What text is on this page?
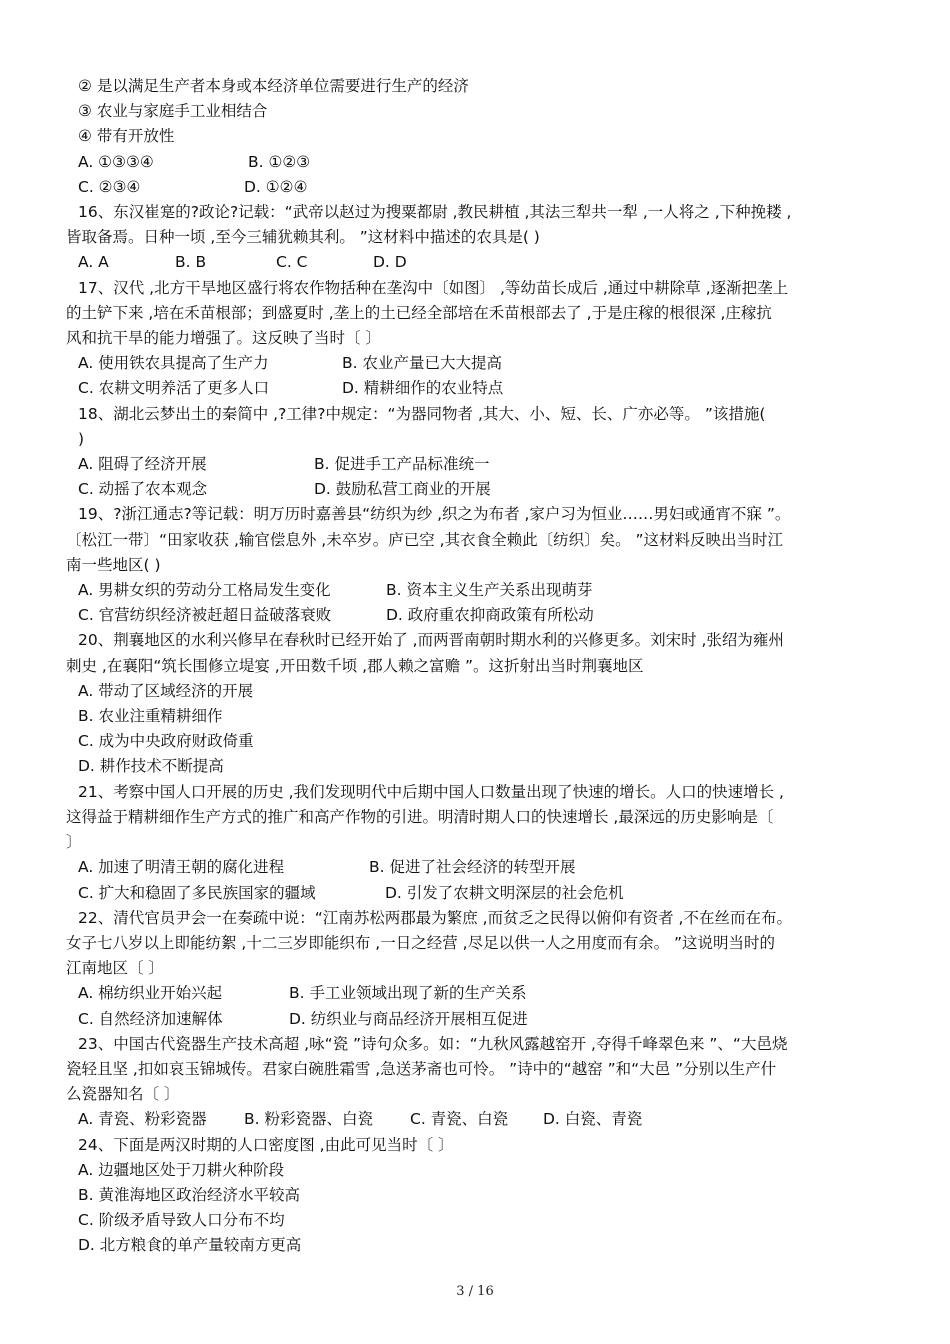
② 是以满足生产者本身或本经济单位需要进行生产的经济
③ 农业与家庭手工业相结合
④ 带有开放性
A. ①③③④	B. ①②③
C. ②③④	D. ①②④
16、东汉崔寔的?政论?记载：“武帝以赵过为搜粟都尉 ,教民耕植 ,其法三犁共一犁 ,一人将之 ,下种挽耧 ,
皆取备焉。日种一顷 ,至今三辅犹赖其利。 ”这材料中描述的农具是( )
A. A	B. B	C. C	D. D
17、汉代 ,北方干旱地区盛行将农作物括种在垄沟中〔如图〕 ,等幼苗长成后 ,通过中耕除草 ,逐渐把垄上
的土铲下来 ,培在禾苗根部；到盛夏时 ,垄上的土已经全部培在禾苗根部去了 ,于是庄稼的根很深 ,庄稼抗
风和抗干旱的能力增强了。这反映了当时〔 〕
A. 使用铁农具提高了生产力	B. 农业产量已大大提高
C. 农耕文明养活了更多人口	D. 精耕细作的农业特点
18、湖北云梦出土的秦简中 ,?工律?中规定：“为器同物者 ,其大、小、短、长、广亦必等。 ”该措施(
)
A. 阻碍了经济开展	B. 促进手工产品标准统一
C. 动摇了农本观念	D. 鼓励私营工商业的开展
19、?浙江通志?等记载：明万历时嘉善县“纺织为纱 ,织之为布者 ,家户习为恒业……男妇或通宵不寐 ”。
〔松江一带〕“田家收获 ,输官偿息外 ,未卒岁。庐已空 ,其衣食全赖此〔纺织〕矣。 ”这材料反映出当时江
南一些地区( )
A. 男耕女织的劳动分工格局发生变化	B. 资本主义生产关系出现萌芽
C. 官营纺织经济被赶超日益破落衰败	D. 政府重农抑商政策有所松动
20、荆襄地区的水利兴修早在春秋时已经开始了 ,而两晋南朝时期水利的兴修更多。刘宋时 ,张绍为雍州
刺史 ,在襄阳“筑长围修立堤宴 ,开田数千顷 ,郡人赖之富赡 ”。这折射出当时荆襄地区
A. 带动了区域经济的开展
B. 农业注重精耕细作
C. 成为中央政府财政倚重
D. 耕作技术不断提高
21、考察中国人口开展的历史 ,我们发现明代中后期中国人口数量出现了快速的增长。人口的快速增长 ,
这得益于精耕细作生产方式的推广和高产作物的引进。明清时期人口的快速增长 ,最深远的历史影响是〔
〕
A. 加速了明清王朝的腐化进程	B. 促进了社会经济的转型开展
C. 扩大和稳固了多民族国家的疆域	D. 引发了农耕文明深层的社会危机
22、清代官员尹会一在奏疏中说：“江南苏松两郡最为繁庶 ,而贫乏之民得以俯仰有资者 ,不在丝而在布。
女子七八岁以上即能纺絮 ,十二三岁即能织布 ,一日之经营 ,尽足以供一人之用度而有余。 ”这说明当时的
江南地区〔 〕
A. 棉纺织业开始兴起	B. 手工业领域出现了新的生产关系
C. 自然经济加速解体	D. 纺织业与商品经济开展相互促进
23、中国古代瓷器生产技术高超 ,咏“瓷 ”诗句众多。如：“九秋风露越窑开 ,夺得千峰翠色来 ”、“大邑烧
瓷轻且坚 ,扣如哀玉锦城传。君家白碗胜霜雪 ,急送茅斋也可怜。 ”诗中的“越窑 ”和“大邑 ”分别以生产什
么瓷器知名〔 〕
A. 青瓷、粉彩瓷器	B. 粉彩瓷器、白瓷	C. 青瓷、白瓷	D. 白瓷、青瓷
24、下面是两汉时期的人口密度图 ,由此可见当时〔 〕
A. 边疆地区处于刀耕火种阶段
B. 黄淮海地区政治经济水平较高
C. 阶级矛盾导致人口分布不均
D. 北方粮食的单产量较南方更高
3 / 16
